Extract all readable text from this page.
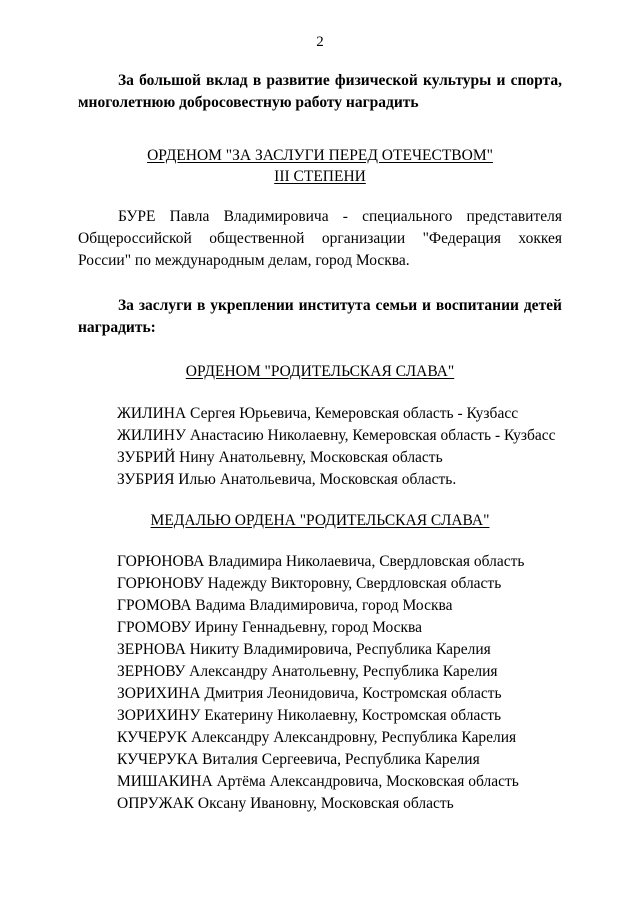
2

За большой вклад в развитие физической культуры и спорта, многолетнюю добросовестную работу наградить

ОРДЕНОМ "ЗА ЗАСЛУГИ ПЕРЕД ОТЕЧЕСТВОМ"
III СТЕПЕНИ

БУРЕ Павла Владимировича - специального представителя Общероссийской общественной организации "Федерация хоккея России" по международным делам, город Москва.

За заслуги в укреплении института семьи и воспитании детей наградить:

ОРДЕНОМ "РОДИТЕЛЬСКАЯ СЛАВА"
ЖИЛИНА Сергея Юрьевича, Кемеровская область - Кузбасс
ЖИЛИНУ Анастасию Николаевну, Кемеровская область - Кузбасс
ЗУБРИЙ Нину Анатольевну, Московская область
ЗУБРИЯ Илью Анатольевича, Московская область.
МЕДАЛЬЮ ОРДЕНА "РОДИТЕЛЬСКАЯ СЛАВА"
ГОРЮНОВА Владимира Николаевича, Свердловская область
ГОРЮНОВУ Надежду Викторовну, Свердловская область
ГРОМОВА Вадима Владимировича, город Москва
ГРОМОВУ Ирину Геннадьевну, город Москва
ЗЕРНОВА Никиту Владимировича, Республика Карелия
ЗЕРНОВУ Александру Анатольевну, Республика Карелия
ЗОРИХИНА Дмитрия Леонидовича, Костромская область
ЗОРИХИНУ Екатерину Николаевну, Костромская область
КУЧЕРУК Александру Александровну, Республика Карелия
КУЧЕРУКА Виталия Сергеевича, Республика Карелия
МИШАКИНА Артёма Александровича, Московская область
ОПРУЖАК Оксану Ивановну, Московская область
